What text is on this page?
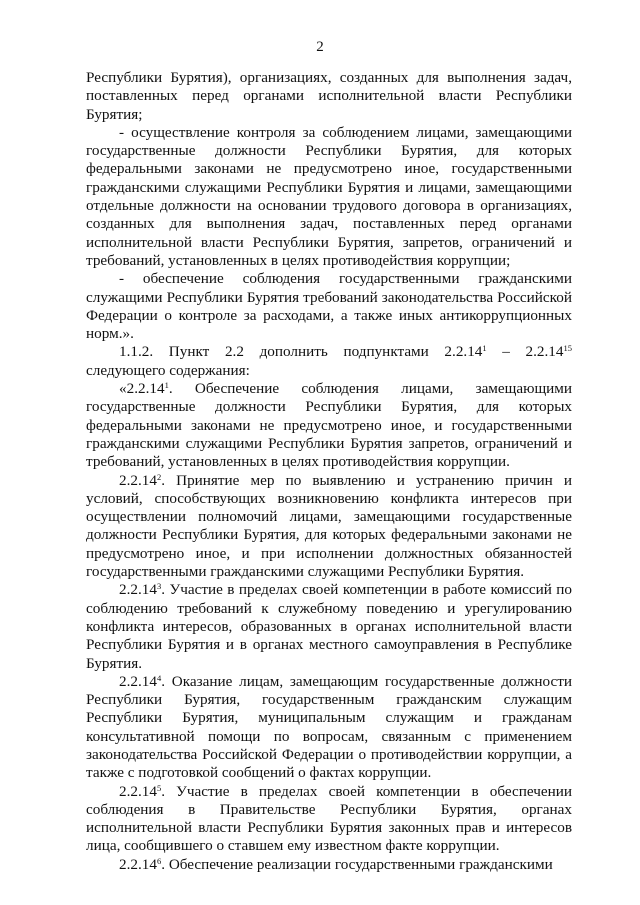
2

Республики Бурятия), организациях, созданных для выполнения задач, поставленных перед органами исполнительной власти Республики Бурятия;

- осуществление контроля за соблюдением лицами, замещающими государственные должности Республики Бурятия, для которых федеральными законами не предусмотрено иное, государственными гражданскими служащими Республики Бурятия и лицами, замещающими отдельные должности на основании трудового договора в организациях, созданных для выполнения задач, поставленных перед органами исполнительной власти Республики Бурятия, запретов, ограничений и требований, установленных в целях противодействия коррупции;

- обеспечение соблюдения государственными гражданскими служащими Республики Бурятия требований законодательства Российской Федерации о контроле за расходами, а также иных антикоррупционных норм.».

1.1.2. Пункт 2.2 дополнить подпунктами 2.2.14$^1$ – 2.2.14$^{15}$ следующего содержания:

«2.2.14$^1$. Обеспечение соблюдения лицами, замещающими государственные должности Республики Бурятия, для которых федеральными законами не предусмотрено иное, и государственными гражданскими служащими Республики Бурятия запретов, ограничений и требований, установленных в целях противодействия коррупции.

2.2.14$^2$. Принятие мер по выявлению и устранению причин и условий, способствующих возникновению конфликта интересов при осуществлении полномочий лицами, замещающими государственные должности Республики Бурятия, для которых федеральными законами не предусмотрено иное, и при исполнении должностных обязанностей государственными гражданскими служащими Республики Бурятия.

2.2.14$^3$. Участие в пределах своей компетенции в работе комиссий по соблюдению требований к служебному поведению и урегулированию конфликта интересов, образованных в органах исполнительной власти Республики Бурятия и в органах местного самоуправления в Республике Бурятия.

2.2.14$^4$. Оказание лицам, замещающим государственные должности Республики Бурятия, государственным гражданским служащим Республики Бурятия, муниципальным служащим и гражданам консультативной помощи по вопросам, связанным с применением законодательства Российской Федерации о противодействии коррупции, а также с подготовкой сообщений о фактах коррупции.

2.2.14$^5$. Участие в пределах своей компетенции в обеспечении соблюдения в Правительстве Республики Бурятия, органах исполнительной власти Республики Бурятия законных прав и интересов лица, сообщившего о ставшем ему известном факте коррупции.

2.2.14$^6$. Обеспечение реализации государственными гражданскими
